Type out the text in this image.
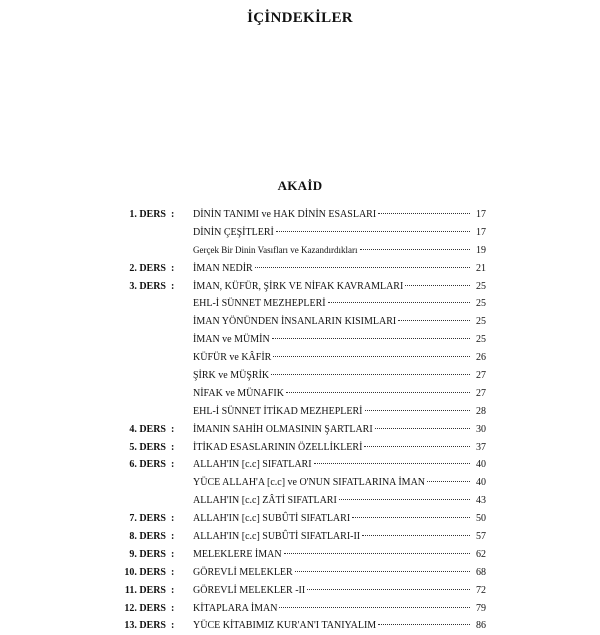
İÇİNDEKİLER
AKAİD
1. DERS : DİNİN TANIMI ve HAK DİNİN ESASLARI	17
DİNİN ÇEŞİTLERİ	17
Gerçek Bir Dinin Vasıfları ve Kazandırdıkları	19
2. DERS : İMAN NEDİR	21
3. DERS : İMAN, KÜFÜR, ŞİRK VE NİFAK KAVRAMLARI	25
EHL-İ SÜNNET MEZHEPLERİ	25
İMAN YÖNÜNDEN İNSANLARIN KISIMLARI	25
İMAN ve MÜMİN	25
KÜFÜR ve KÂFİR	26
ŞİRK ve MÜŞRİK	27
NİFAK ve MÜNAFIK	27
EHL-İ SÜNNET İTİKAD MEZHEPLERİ	28
4. DERS : İMANIN SAHİH OLMASININ ŞARTLARI	30
5. DERS : İTİKAD ESASLARININ ÖZELLİKLERİ	37
6. DERS : ALLAH'IN [c.c] SIFATLARI	40
YÜCE ALLAH'A [c.c] ve O'NUN SIFATLARINA İMAN	40
ALLAH'IN [c.c] ZÂTİ SIFATLARI	43
7. DERS : ALLAH'IN [c.c] SUBÛTİ SIFATLARI	50
8. DERS : ALLAH'IN [c.c] SUBÛTİ SIFATLARI-II	57
9. DERS : MELEKLERE İMAN	62
10. DERS : GÖREVLİ MELEKLER	68
11. DERS : GÖREVLİ MELEKLER -II	72
12. DERS : KİTAPLARA İMAN	79
13. DERS : YÜCE KİTABIMIZ KUR'AN'I TANIYALIM	86
